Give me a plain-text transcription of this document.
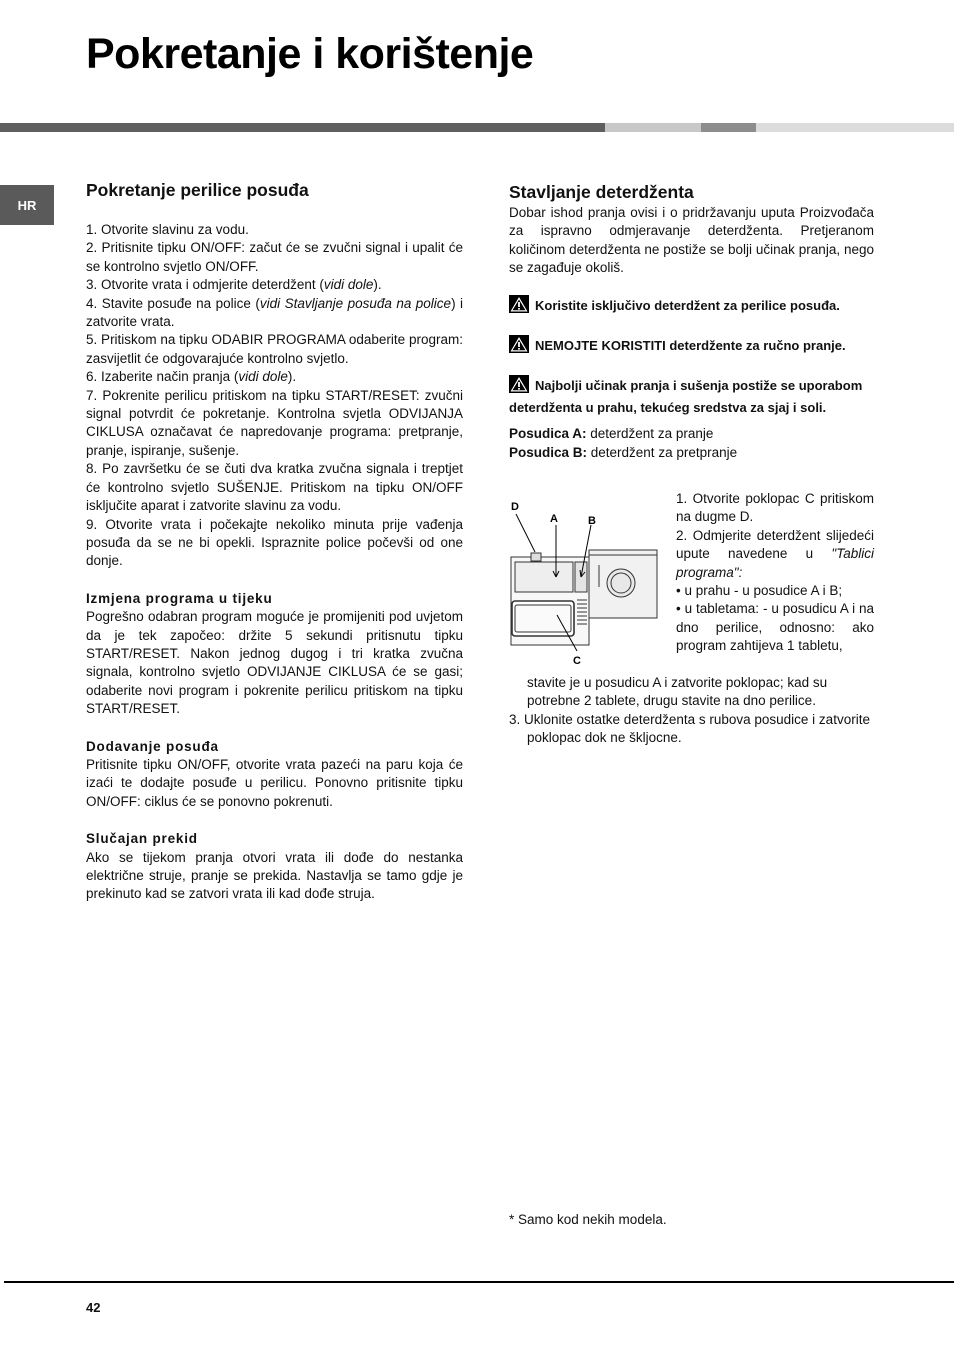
Pokretanje i korištenje
HR
Pokretanje perilice posuđa

1. Otvorite slavinu za vodu.

2. Pritisnite tipku ON/OFF: začut će se zvučni signal i upalit će se kontrolno svjetlo ON/OFF.

3. Otvorite vrata i odmjerite deterdžent (vidi dole).

4. Stavite posuđe na police (vidi Stavljanje posuđa na police) i zatvorite vrata.

5. Pritiskom na tipku ODABIR PROGRAMA odaberite program: zasvijetlit će odgovarajuće kontrolno svjetlo.

6. Izaberite način pranja (vidi dole).

7. Pokrenite perilicu pritiskom na tipku START/RESET: zvučni signal potvrdit će pokretanje. Kontrolna svjetla ODVIJANJA CIKLUSA označavat će napredovanje programa: pretpranje, pranje, ispiranje, sušenje.

8. Po završetku će se čuti dva kratka zvučna signala i treptjet će kontrolno svjetlo SUŠENJE. Pritiskom na tipku ON/OFF isključite aparat i zatvorite slavinu za vodu.

9. Otvorite vrata i počekajte nekoliko minuta prije vađenja posuđa da se ne bi opekli. Ispraznite police počevši od one donje.

Izmjena programa u tijeku

Pogrešno odabran program moguće je promijeniti pod uvjetom da je tek započeo: držite 5 sekundi pritisnutu tipku START/RESET. Nakon jednog dugog i tri kratka zvučna signala, kontrolno svjetlo ODVIJANJE CIKLUSA će se gasi; odaberite novi program i pokrenite perilicu pritiskom na tipku START/RESET.

Dodavanje posuđa

Pritisnite tipku ON/OFF, otvorite vrata pazeći na paru koja će izaći te dodajte posuđe u perilicu. Ponovno pritisnite tipku ON/OFF: ciklus će se ponovno pokrenuti.

Slučajan prekid

Ako se tijekom pranja otvori vrata ili dođe do nestanka električne struje, pranje se prekida. Nastavlja se tamo gdje je prekinuto kad se zatvori vrata ili kad dođe struja.

Stavljanje deterdženta

Dobar ishod pranja ovisi i o pridržavanju uputa Proizvođača za ispravno odmjeravanje deterdženta. Pretjeranom količinom deterdženta ne postiže se bolji učinak pranja, nego se zagađuje okoliš.

Koristite isključivo deterdžent za perilice posuđa.

NEMOJTE KORISTITI deterdžente za ručno pranje.

Najbolji učinak pranja i sušenja postiže se uporabom deterdženta u prahu, tekućeg sredstva za sjaj i soli.

Posudica A: deterdžent za pranje

Posudica B: deterdžent za pretpranje

D
A	B
C

1. Otvorite poklopac C pritiskom na dugme D.

2. Odmjerite deterdžent slijedeći upute navedene u "Tablici programa":

• u prahu - u posudice A i B;

• u tabletama: - u posudicu A i na dno perilice, odnosno: ako program zahtijeva 1 tabletu,

stavite je u posudicu A i zatvorite poklopac; kad su potrebne 2 tablete, drugu stavite na dno perilice.

3. Uklonite ostatke deterdženta s rubova posudice i zatvorite poklopac dok ne škljocne.

* Samo kod nekih modela.
42
